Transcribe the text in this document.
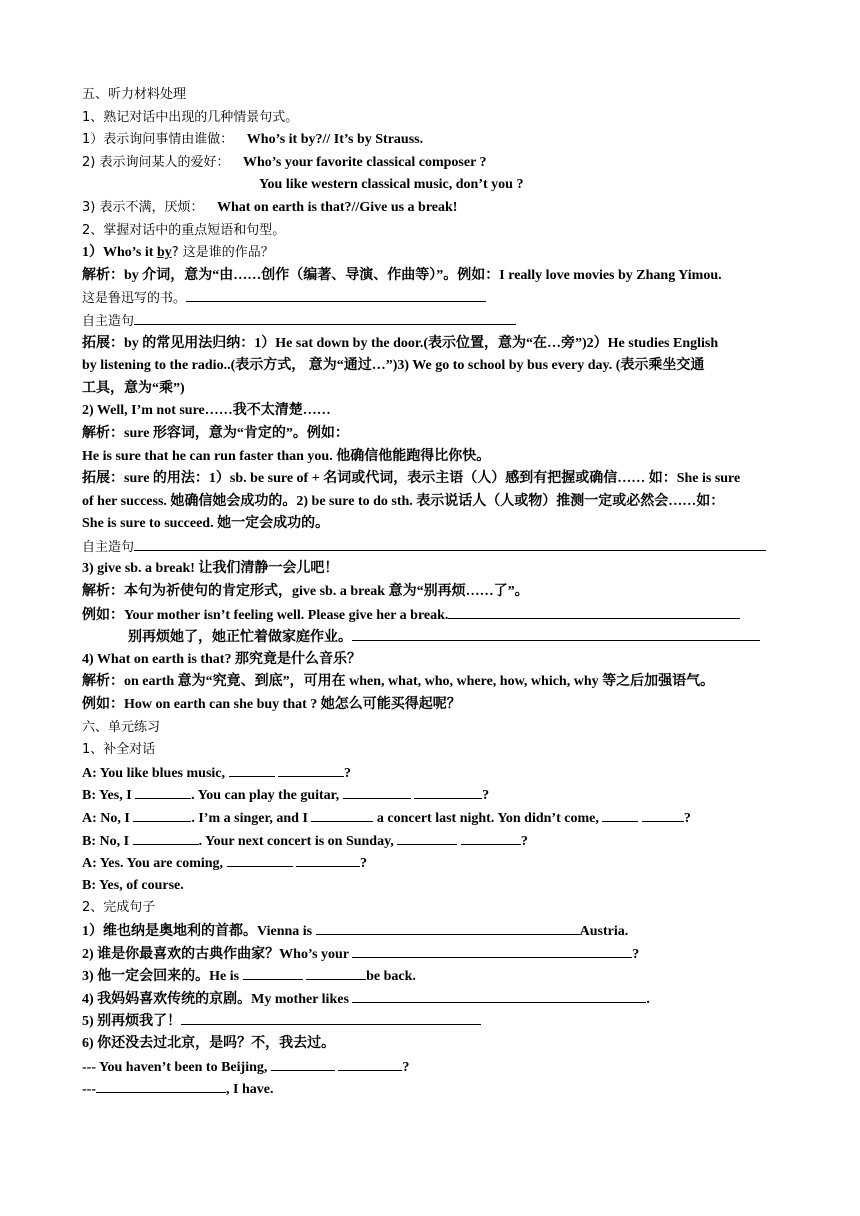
五、听力材料处理
1、熟记对话中出现的几种情景句式。
1）表示询问事情由谁做： Who’s it by?// It’s by Strauss.
2) 表示询问某人的爱好： Who’s your favorite classical composer ?
You like western classical music, don’t you ?
3) 表示不满，厌烦： What on earth is that?//Give us a break!
2、掌握对话中的重点短语和句型。
1）Who’s it by? 这是谁的作品？
解析：by 介词，意为“由……创作（编著、导演、作曲等）”。例如：I really love movies by Zhang Yimou.
这是鲁迅写的书。
自主造句
拓展：by 的常见用法归纳：1）He sat down by the door.(表示位置，意为“在…旁”)2）He studies English
by listening to the radio..(表示方式， 意为“通过…”)3) We go to school by bus every day. (表示乘坐交通
工具，意为“乘”)
2) Well, I’m not sure……我不太清楚……
解析：sure 形容词，意为“肯定的”。例如：
He is sure that he can run faster than you. 他确信他能跑得比你快。
拓展：sure 的用法：1）sb. be sure of + 名词或代词，表示主语（人）感到有把握或确信…… 如：She is sure
of her success. 她确信她会成功的。2) be sure to do sth. 表示说话人（人或物）推测一定或必然会……如：
She is sure to succeed. 她一定会成功的。
自主造句
3) give sb. a break! 让我们清静一会儿吧！
解析：本句为祈使句的肯定形式，give sb. a break 意为“别再烦……了”。
例如：Your mother isn’t feeling well. Please give her a break.
别再烦她了，她正忙着做家庭作业。
4) What on earth is that? 那究竟是什么音乐？
解析：on earth 意为“究竟、到底”，可用在 when, what, who, where, how, which, why 等之后加强语气。
例如：How on earth can she buy that ? 她怎么可能买得起呢？
六、单元练习
1、补全对话
A: You like blues music,	?
B: Yes, I	. You can play the guitar,	?
A: No, I	. I’m a singer, and I	a concert last night. Yon didn’t come,	?
B: No, I	. Your next concert is on Sunday,	?
A: Yes. You are coming,	?
B: Yes, of course.
2、完成句子
1）维也纳是奥地利的首都。Vienna is	Austria.
2) 谁是你最喜欢的古典作曲家？Who’s your	?
3) 他一定会回来的。He is	be back.
4) 我妈妈喜欢传统的京剧。My mother likes	.
5) 别再烦我了！
6) 你还没去过北京，是吗？不，我去过。
--- You haven’t been to Beijing,	?
---	, I have.
